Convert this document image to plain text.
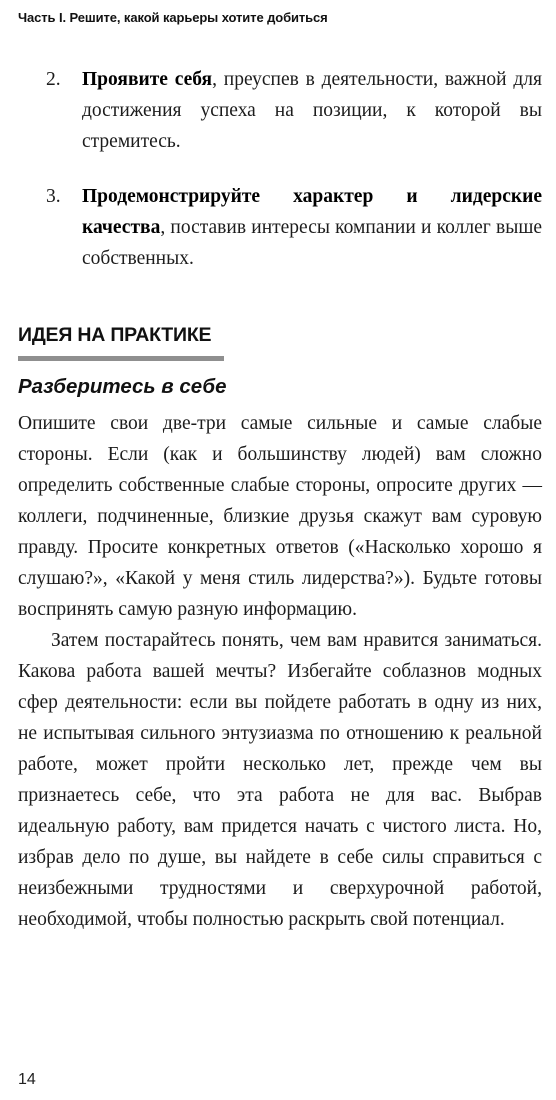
Часть I. Решите, какой карьеры хотите добиться
2.	Проявите себя, преуспев в деятельности, важной для достижения успеха на позиции, к которой вы стремитесь.
3.	Продемонстрируйте характер и лидерские качества, поставив интересы компании и коллег выше собственных.
ИДЕЯ НА ПРАКТИКЕ
Разберитесь в себе

Опишите свои две-три самые сильные и самые слабые стороны. Если (как и большинству людей) вам сложно определить собственные слабые стороны, опросите других — коллеги, подчиненные, близкие друзья скажут вам суровую правду. Просите конкретных ответов («Насколько хорошо я слушаю?», «Какой у меня стиль лидерства?»). Будьте готовы воспринять самую разную информацию.

Затем постарайтесь понять, чем вам нравится заниматься. Какова работа вашей мечты? Избегайте соблазнов модных сфер деятельности: если вы пойдете работать в одну из них, не испытывая сильного энтузиазма по отношению к реальной работе, может пройти несколько лет, прежде чем вы признаетесь себе, что эта работа не для вас. Выбрав идеальную работу, вам придется начать с чистого листа. Но, избрав дело по душе, вы найдете в себе силы справиться с неизбежными трудностями и сверхурочной работой, необходимой, чтобы полностью раскрыть свой потенциал.

14
